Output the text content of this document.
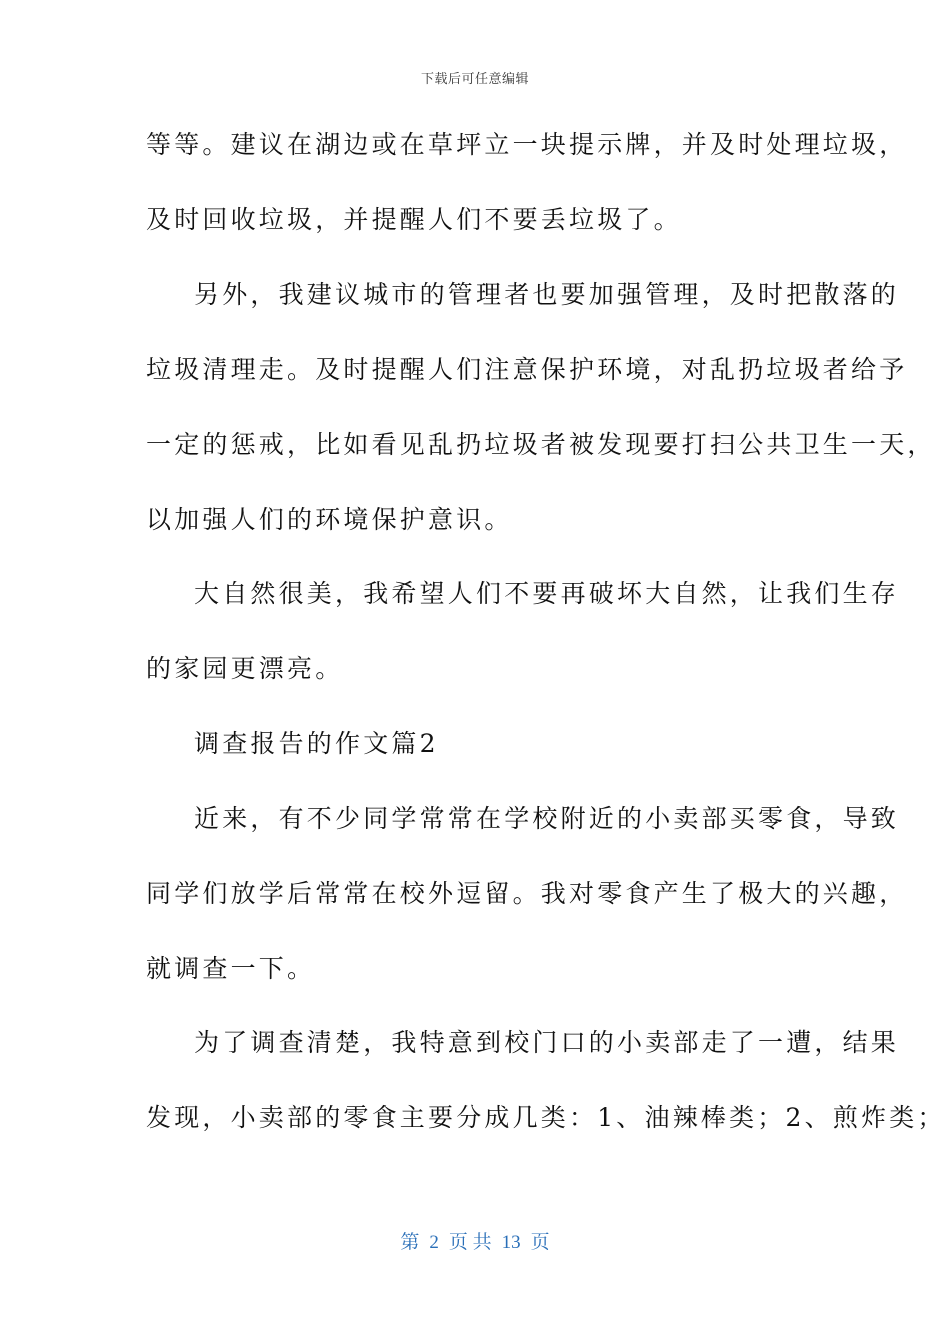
下载后可任意编辑
等等。建议在湖边或在草坪立一块提示牌，并及时处理垃圾，
及时回收垃圾，并提醒人们不要丢垃圾了。
另外，我建议城市的管理者也要加强管理，及时把散落的
垃圾清理走。及时提醒人们注意保护环境，对乱扔垃圾者给予
一定的惩戒，比如看见乱扔垃圾者被发现要打扫公共卫生一天，
以加强人们的环境保护意识。
大自然很美，我希望人们不要再破坏大自然，让我们生存
的家园更漂亮。
调查报告的作文篇2
近来，有不少同学常常在学校附近的小卖部买零食，导致
同学们放学后常常在校外逗留。我对零食产生了极大的兴趣，
就调查一下。
为了调查清楚，我特意到校门口的小卖部走了一遭，结果
发现，小卖部的零食主要分成几类：1、油辣棒类；2、煎炸类；
第 2 页 共 13 页
